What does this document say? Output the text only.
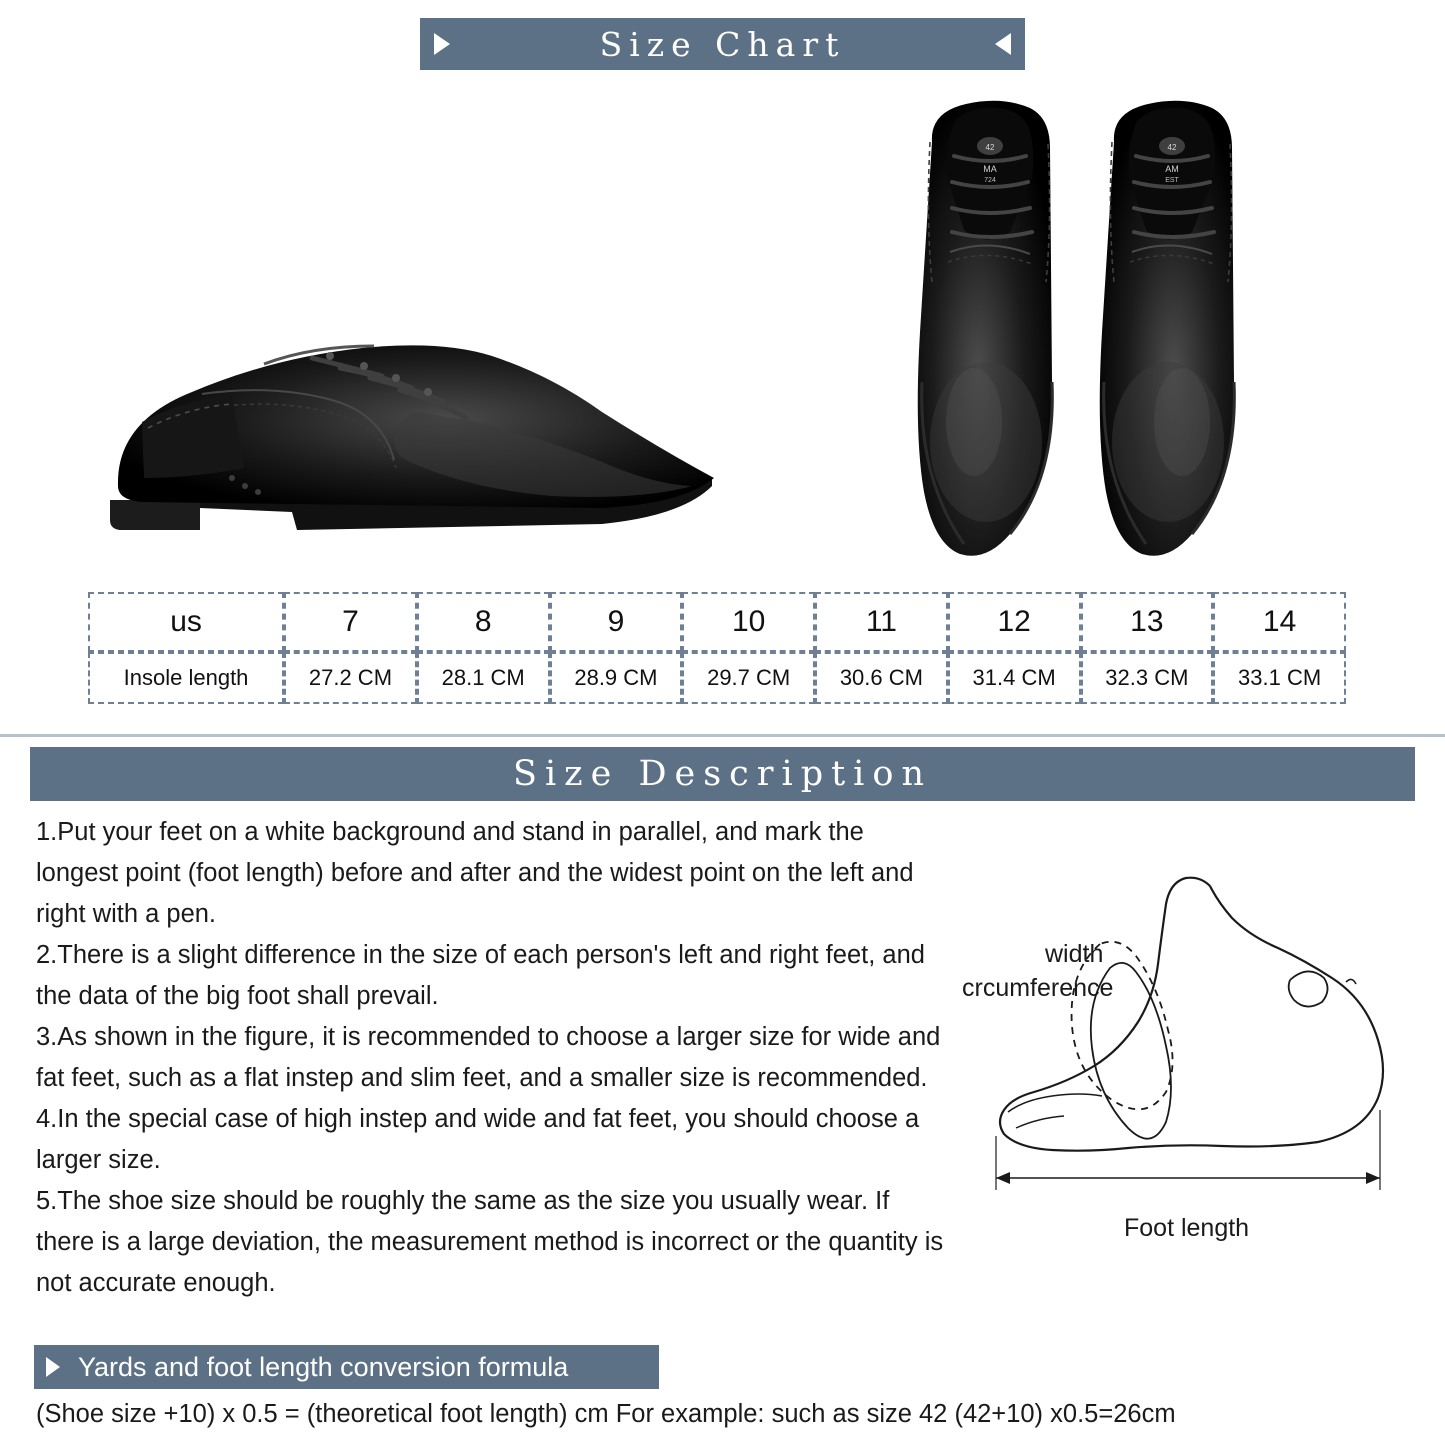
Size Chart
42
MA
724
42
AM
EST
us	7	8	9	10	11	12	13	14
Insole length	27.2 CM	28.1 CM	28.9 CM	29.7 CM	30.6 CM	31.4 CM	32.3 CM	33.1 CM
Size Description

1.Put your feet on a white background and stand in parallel, and mark the longest point (foot length) before and after and the widest point on the left and right with a pen.

2.There is a slight difference in the size of each person's left and right feet, and the data of the big foot shall prevail.

3.As shown in the figure, it is recommended to choose a larger size for wide and fat feet, such as a flat instep and slim feet, and a smaller size is recommended.

4.In the special case of high instep and wide and fat feet, you should choose a larger size.

5.The shoe size should be roughly the same as the size you usually wear. If there is a large deviation, the measurement method is incorrect or the quantity is not accurate enough.

width
crcumference
Foot length
Yards and foot length conversion formula
(Shoe size +10) x 0.5 = (theoretical foot length) cm For example: such as size 42 (42+10) x0.5=26cm
